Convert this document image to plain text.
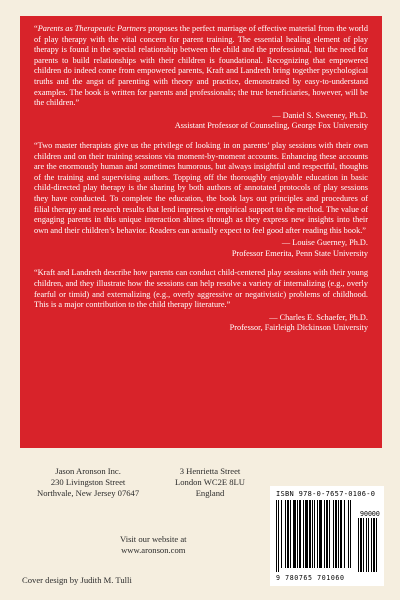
“Parents as Therapeutic Partners proposes the perfect marriage of effective material from the world of play therapy with the vital concern for parent training. The essential healing element of play therapy is found in the special relationship between the child and the professional, but the need for parents to build relationships with their children is foundational. Recognizing that empowered children do indeed come from empowered parents, Kraft and Landreth bring together psychological truths and the angst of parenting with theory and practice, demonstrated by easy-to-understand examples. The book is written for parents and professionals; the true beneficiaries, however, will be the children.”

— Daniel S. Sweeney, Ph.D.
Assistant Professor of Counseling, George Fox University

“Two master therapists give us the privilege of looking in on parents’ play sessions with their own children and on their training sessions via moment-by-moment accounts. Enhancing these accounts are the enormously human and sometimes humorous, but always insightful and respectful, thoughts of the training and supervising authors. Topping off the thoroughly enjoyable education in basic child-directed play therapy is the sharing by both authors of annotated protocols of play sessions they have conducted. To complete the education, the book lays out principles and procedures of filial therapy and research results that lend impressive empirical support to the method. The value of engaging parents in this unique interaction shines through as they express new insights into their own and their children’s behavior. Readers can actually expect to feel good after reading this book.”

— Louise Guerney, Ph.D.
Professor Emerita, Penn State University

“Kraft and Landreth describe how parents can conduct child-centered play sessions with their young children, and they illustrate how the sessions can help resolve a variety of internalizing (e.g., overly fearful or timid) and externalizing (e.g., overly aggressive or negativistic) problems of childhood. This is a major contribution to the child therapy literature.”

— Charles E. Schaefer, Ph.D.
Professor, Fairleigh Dickinson University
Jason Aronson Inc.
230 Livingston Street
Northvale, New Jersey 07647
3 Henrietta Street
London WC2E 8LU
England
Visit our website at
www.aronson.com
Cover design by Judith M. Tulli
ISBN 978-0-7657-0106-0
90000
9 780765 701060
